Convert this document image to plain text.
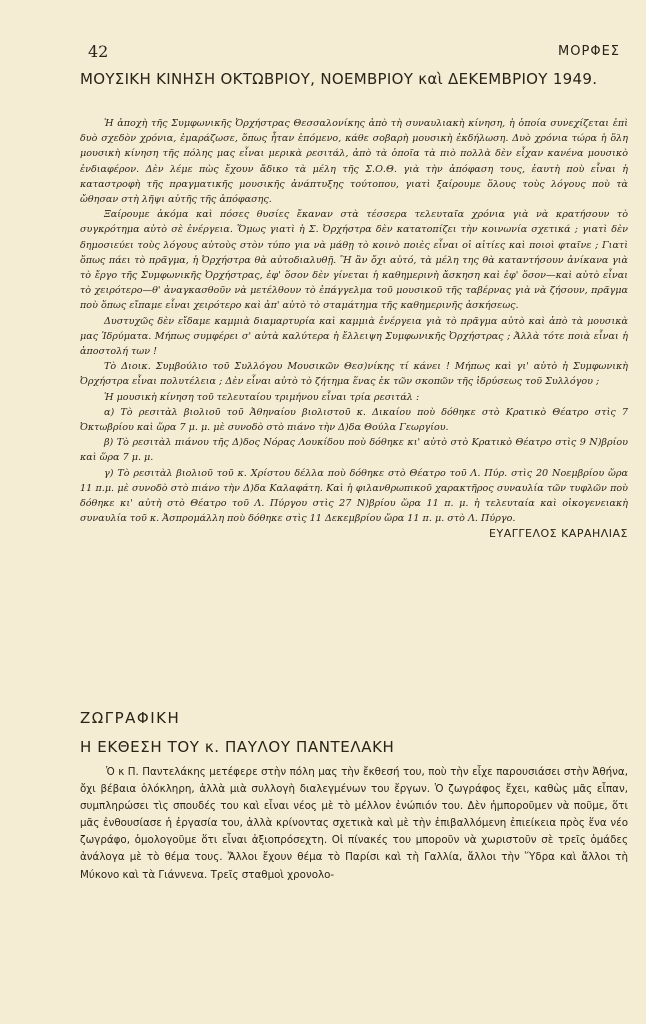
42	ΜΟΡΦΕΣ
ΜΟΥΣΙΚΗ ΚΙΝΗΣΗ ΟΚΤΩΒΡΙΟΥ, ΝΟΕΜΒΡΙΟΥ καὶ ΔΕΚΕΜΒΡΙΟΥ 1949.

Ἡ ἀποχὴ τῆς Συμφωνικῆς Ὀρχήστρας Θεσσαλονίκης ἀπὸ τὴ συναυλιακὴ κίνηση, ἡ ὁποία συνεχίζεται ἐπὶ δυὸ σχεδὸν χρόνια, ἐμαράζωσε, ὅπως ἦταν ἑπόμενο, κάθε σοβαρὴ μουσικὴ ἐκδήλωση. Δυὸ χρόνια τώρα ἡ ὅλη μουσικὴ κίνηση τῆς πόλης μας εἶναι μερικὰ ρεσιτάλ, ἀπὸ τὰ ὁποῖα τὰ πιὸ πολλὰ δὲν εἶχαν κανένα μουσικὸ ἐνδιαφέρον. Δὲν λέμε πὼς ἔχουν ἄδικο τὰ μέλη τῆς Σ.Ο.Θ. γιὰ τὴν ἀπόφαση τους, ἑαυτὴ ποὺ εἶναι ἡ καταστροφὴ τῆς πραγματικῆς μουσικῆς ἀνάπτυξης τούτοπου, γιατὶ ξαίρουμε ὅλους τοὺς λόγους ποὺ τὰ ὤθησαν στὴ λῆψι αὐτῆς τῆς ἀπόφασης.

Ξαίρουμε ἀκόμα καὶ πόσες θυσίες ἔκαναν στὰ τέσσερα τελευταῖα χρόνια γιὰ νὰ κρατήσουν τὸ συγκρότημα αὐτὸ σὲ ἐνέργεια. Ὅμως γιατὶ ἡ Σ. Ὀρχήστρα δὲν κατατοπίζει τὴν κοινωνία σχετικά ; γιατὶ δὲν δημοσιεύει τοὺς λόγους αὐτοὺς στὸν τύπο για νὰ μάθῃ τὸ κοινὸ ποιὲς εἶναι οἱ αἰτίες καὶ ποιοὶ φταῖνε ; Γιατὶ ὅπως πάει τὸ πρᾶγμα, ἡ Ὀρχήστρα θὰ αὐτοδιαλυθῇ. Ἢ ἂν ὄχι αὐτό, τὰ μέλη της θὰ καταντήσουν ἀνίκανα γιὰ τὸ ἔργο τῆς Συμφωνικῆς Ὀρχήστρας, ἐφ' ὅσον δὲν γίνεται ἡ καθημερινὴ ἄσκηση καὶ ἐφ' ὅσον—καὶ αὐτὸ εἶναι τὸ χειρότερο—θ' ἀναγκασθοῦν νὰ μετέλθουν τὸ ἐπάγγελμα τοῦ μουσικοῦ τῆς ταβέρνας γιὰ νὰ ζήσουν, πρᾶγμα ποὺ ὅπως εἴπαμε εἶναι χειρότερο καὶ ἀπ' αὐτὸ τὸ σταμάτημα τῆς καθημερινῆς ἀσκήσεως.

Δυστυχῶς δὲν εἴδαμε καμμιὰ διαμαρτυρία καὶ καμμιὰ ἐνέργεια γιὰ τὸ πρᾶγμα αὐτὸ καὶ ἀπὸ τὰ μουσικὰ μας Ἱδρύματα. Μήπως συμφέρει σ' αὐτὰ καλύτερα ἡ ἔλλειψη Συμφωνικῆς Ὀρχήστρας ; Ἀλλὰ τότε ποιὰ εἶναι ἡ ἀποστολή των !

Τὸ Διοικ. Συμβούλιο τοῦ Συλλόγου Μουσικῶν Θεσ)νίκης τί κάνει ! Μήπως καὶ γι' αὐτὸ ἡ Συμφωνικὴ Ὀρχήστρα εἶναι πολυτέλεια ; Δὲν εἶναι αὐτὸ τὸ ζήτημα ἕνας ἐκ τῶν σκοπῶν τῆς ἱδρύσεως τοῦ Συλλόγου ;

Ἡ μουσικὴ κίνηση τοῦ τελευταίου τριμήνου εἶναι τρία ρεσιτάλ :

α) Τὸ ρεσιτὰλ βιολιοῦ τοῦ Ἀθηναίου βιολιστοῦ κ. Δικαίου ποὺ δόθηκε στὸ Κρατικὸ Θέατρο στὶς 7 Ὀκτωβρίου καὶ ὥρα 7 μ. μ. μὲ συνοδὸ στὸ πιάνο τὴν Δ)δα Θούλα Γεωργίου.

β) Τὸ ρεσιτὰλ πιάνου τῆς Δ)δος Νόρας Λουκίδου ποὺ δόθηκε κι' αὐτὸ στὸ Κρατικὸ Θέατρο στὶς 9 Ν)βρίου καὶ ὥρα 7 μ. μ.

γ) Τὸ ρεσιτὰλ βιολιοῦ τοῦ κ. Χρίστου δέλλα ποὺ δόθηκε στὸ Θέατρο τοῦ Λ. Πύρ. στὶς 20 Νοεμβρίου ὥρα 11 π.μ. μὲ συνοδὸ στὸ πιάνο τὴν Δ)δα Καλαφάτη. Καὶ ἡ φιλανθρωπικοῦ χαρακτῆρος συναυλία τῶν τυφλῶν ποὺ δόθηκε κι' αὐτὴ στὸ Θέατρο τοῦ Λ. Πύργου στὶς 27 Ν)βρίου ὥρα 11 π. μ. ἡ τελευταία καὶ οἰκογενειακὴ συναυλία τοῦ κ. Ἀσπρομάλλη ποὺ δόθηκε στὶς 11 Δεκεμβρίου ὥρα 11 π. μ. στὸ Λ. Πύργο.

ΕΥΑΓΓΕΛΟΣ ΚΑΡΑΗΛΙΑΣ
ΖΩΓΡΑΦΙΚΗ
Η ΕΚΘΕΣΗ ΤΟΥ κ. ΠΑΥΛΟΥ ΠΑΝΤΕΛΑΚΗ

Ὁ κ Π. Παντελάκης μετέφερε στὴν πόλη μας τὴν ἔκθεσή του, ποὺ τὴν εἶχε παρουσιάσει στὴν Ἀθήνα, ὄχι βέβαια ὁλόκληρη, ἀλλὰ μιὰ συλλογὴ διαλεγμένων του ἔργων. Ὁ ζωγράφος ἔχει, καθὼς μᾶς εἶπαν, συμπληρώσει τὶς σπουδές του καὶ εἶναι νέος μὲ τὸ μέλλον ἐνώπιόν του. Δὲν ἠμποροῦμεν νὰ ποῦμε, ὅτι μᾶς ἐνθουσίασε ἡ ἐργασία του, ἀλλὰ κρίνοντας σχετικὰ καὶ μὲ τὴν ἐπιβαλλόμενη ἐπιείκεια πρὸς ἕνα νέο ζωγράφο, ὁμολογοῦμε ὅτι εἶναι ἀξιοπρόσεχτη. Οἱ πίνακές του μποροῦν νὰ χωριστοῦν σὲ τρεῖς ὁμάδες ἀνάλογα μὲ τὸ θέμα τους. Ἄλλοι ἔχουν θέμα τὸ Παρίσι καὶ τὴ Γαλλία, ἄλλοι τὴν Ὕδρα καὶ ἄλλοι τὴ Μύκονο καὶ τὰ Γιάννενα. Τρεῖς σταθμοὶ χρονολο-
